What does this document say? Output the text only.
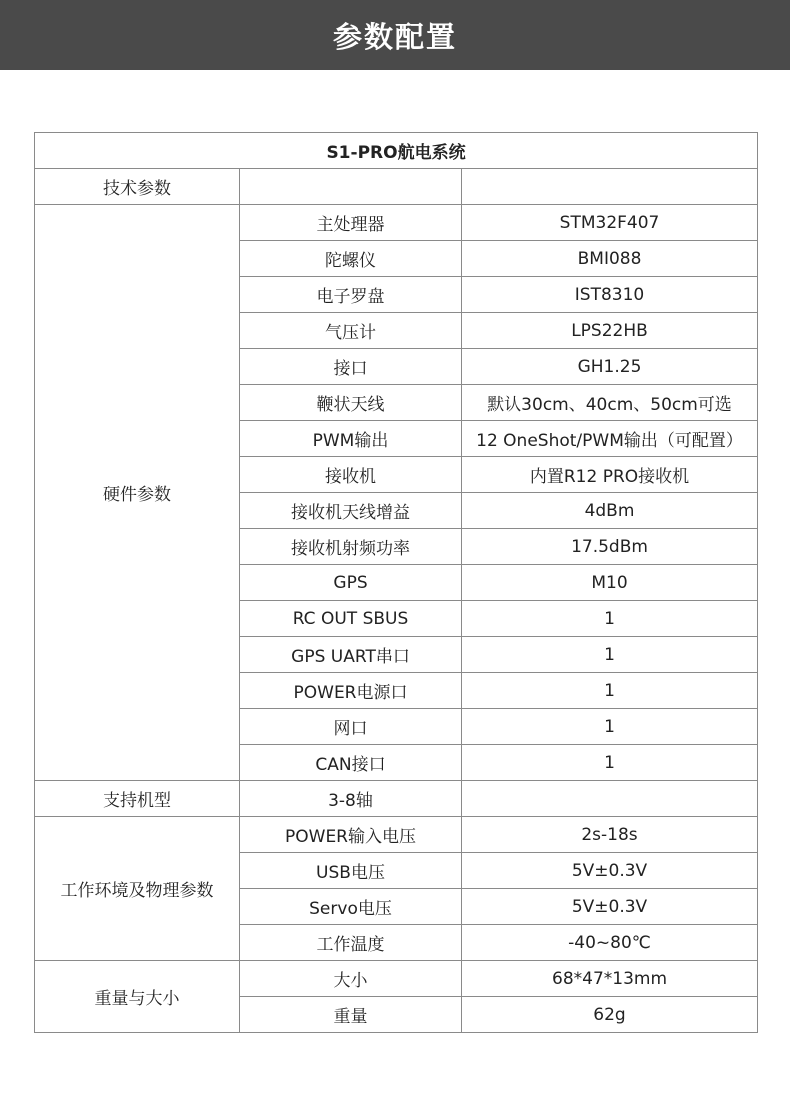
参数配置
S1-PRO航电系统		
技术参数		
硬件参数	主处理器	STM32F407
	陀螺仪	BMI088
	电子罗盘	IST8310
	气压计	LPS22HB
	接口	GH1.25
	鞭状天线	默认30cm、40cm、50cm可选
	PWM输出	12 OneShot/PWM输出（可配置）
	接收机	内置R12 PRO接收机
	接收机天线增益	4dBm
	接收机射频功率	17.5dBm
	GPS	M10
	RC OUT SBUS	1
	GPS UART串口	1
	POWER电源口	1
	网口	1
	CAN接口	1
支持机型	3-8轴	
工作环境及物理参数	POWER输入电压	2s-18s
	USB电压	5V±0.3V
	Servo电压	5V±0.3V
	工作温度	-40~80℃
重量与大小	大小	68*47*13mm
	重量	62g
